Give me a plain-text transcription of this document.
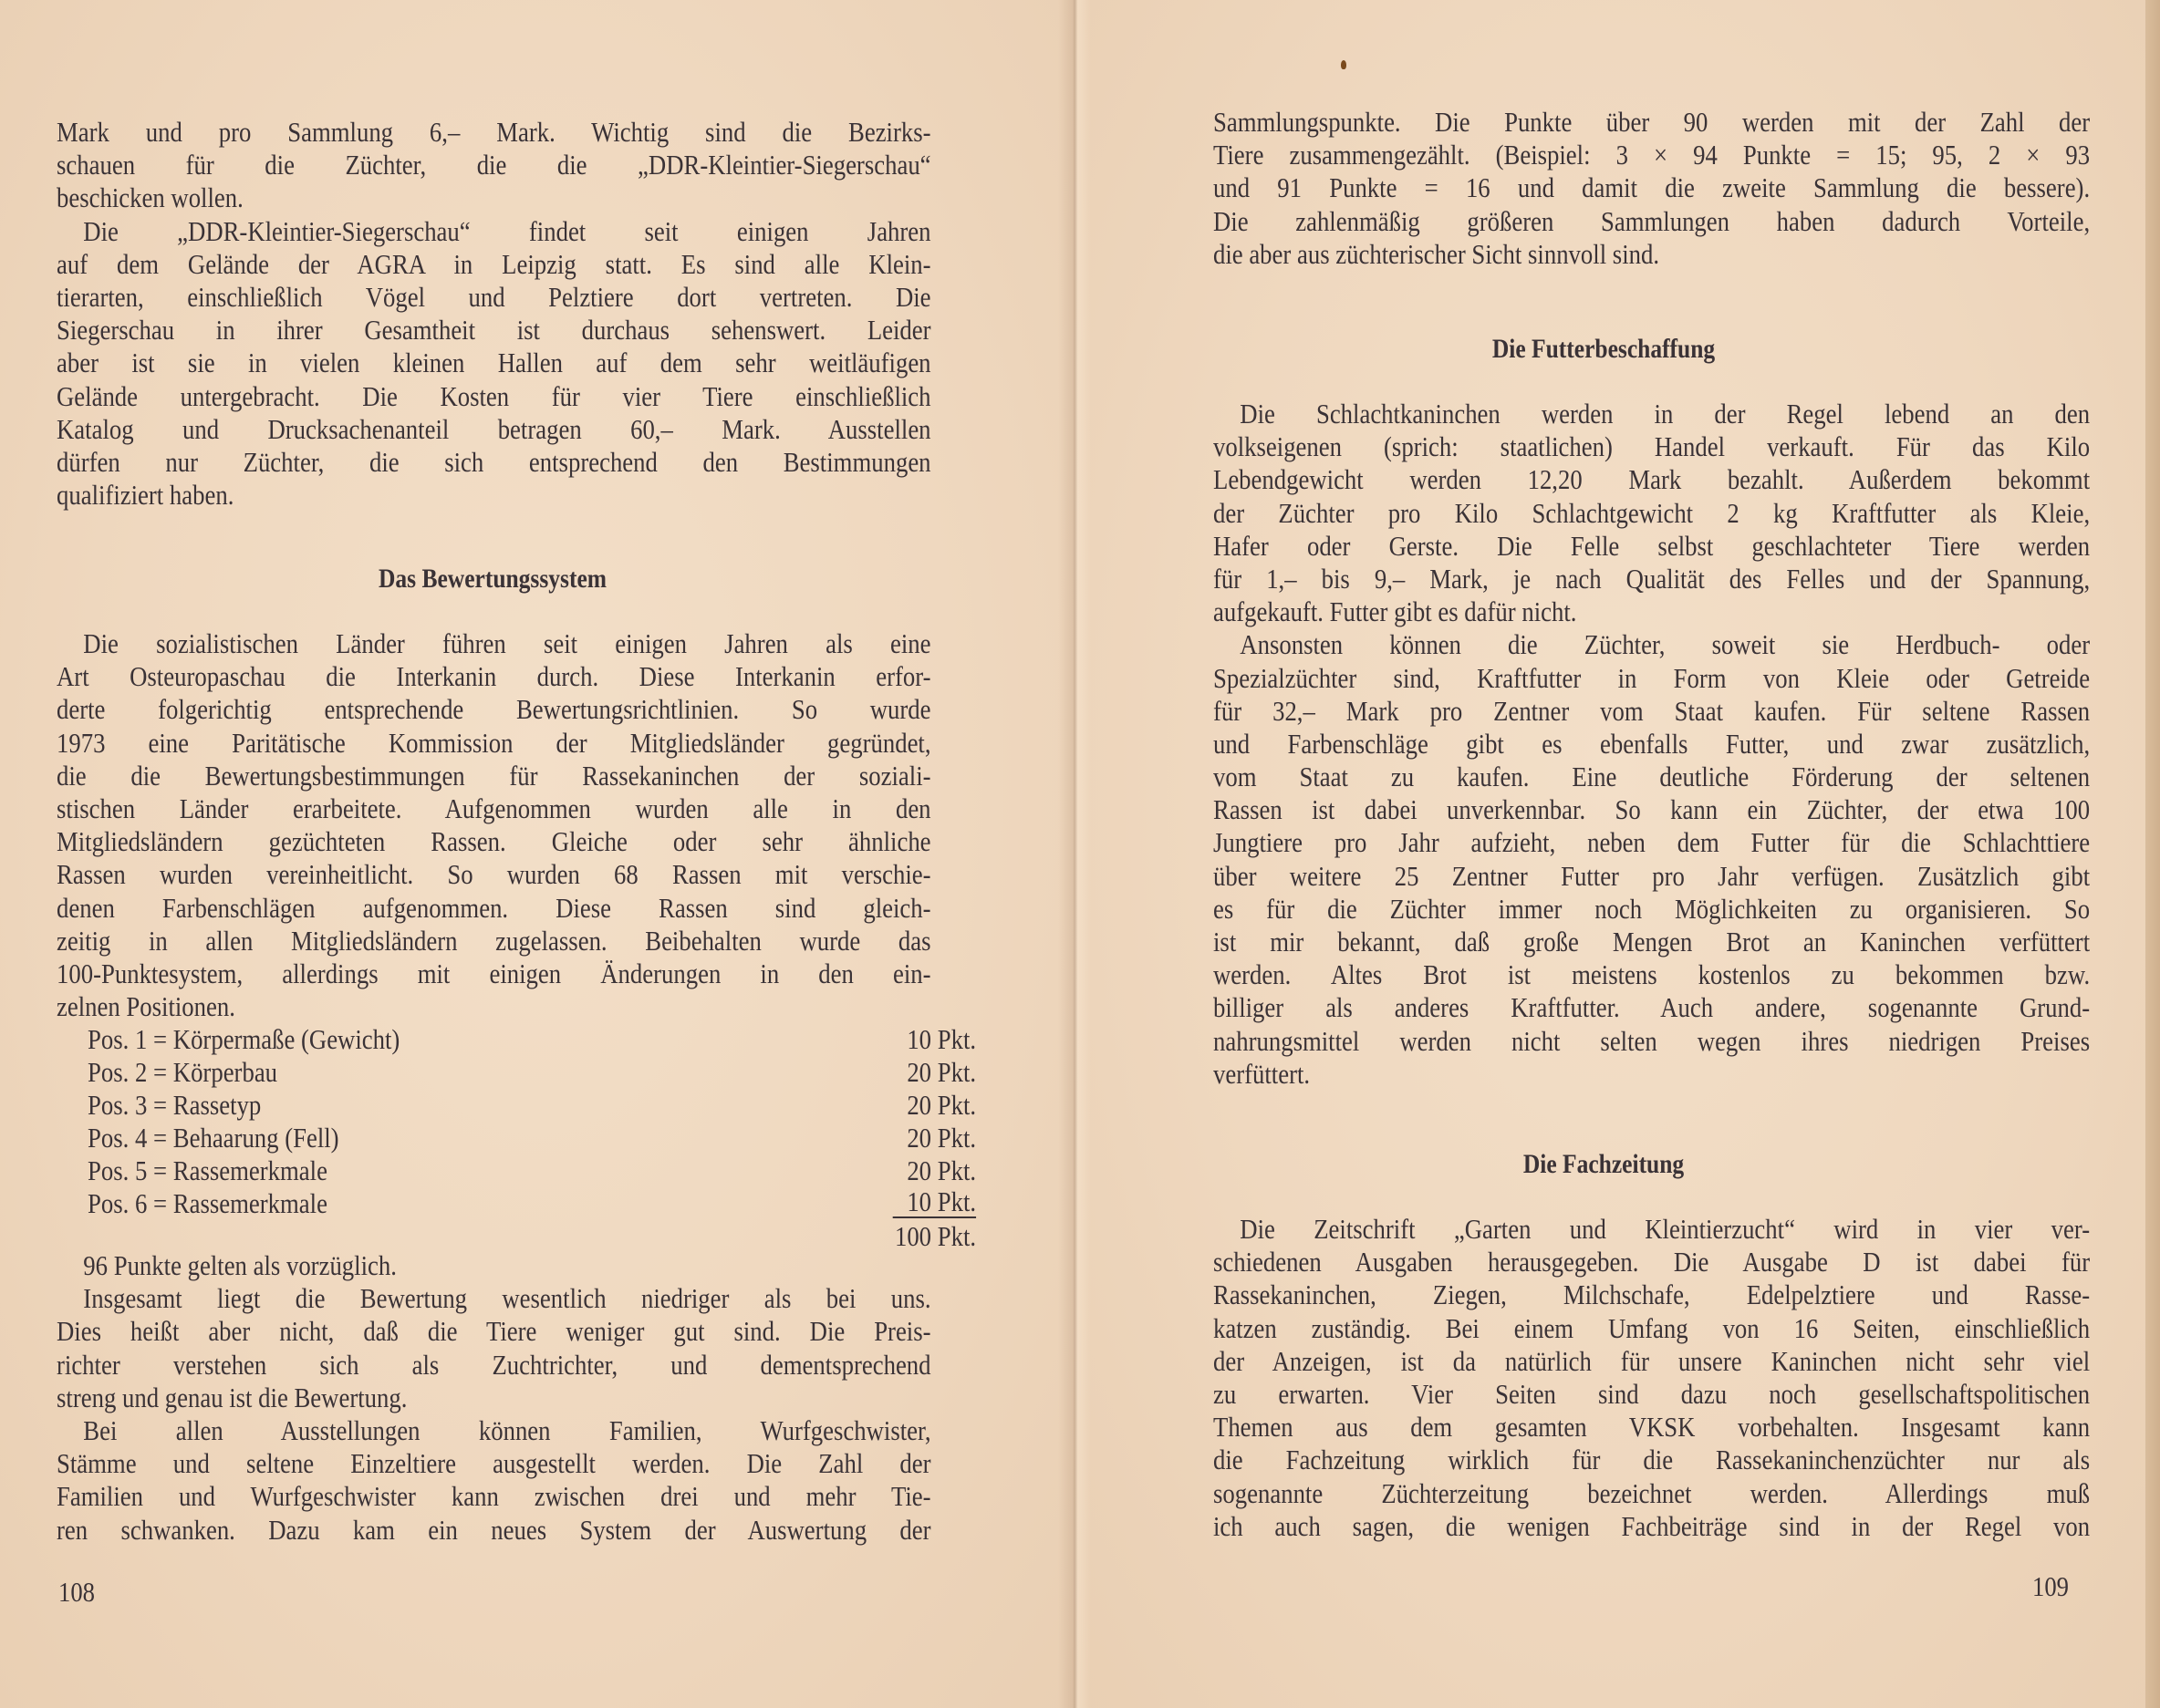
Mark und pro Sammlung 6,– Mark. Wichtig sind die Bezirks-
schauen für die Züchter, die die „DDR-Kleintier-Siegerschau“
beschicken wollen.
Die „DDR-Kleintier-Siegerschau“ findet seit einigen Jahren
auf dem Gelände der AGRA in Leipzig statt. Es sind alle Klein-
tierarten, einschließlich Vögel und Pelztiere dort vertreten. Die
Siegerschau in ihrer Gesamtheit ist durchaus sehenswert. Leider
aber ist sie in vielen kleinen Hallen auf dem sehr weitläufigen
Gelände untergebracht. Die Kosten für vier Tiere einschließlich
Katalog und Drucksachenanteil betragen 60,– Mark. Ausstellen
dürfen nur Züchter, die sich entsprechend den Bestimmungen
qualifiziert haben.
Das Bewertungssystem
Die sozialistischen Länder führen seit einigen Jahren als eine
Art Osteuropaschau die Interkanin durch. Diese Interkanin erfor-
derte folgerichtig entsprechende Bewertungsrichtlinien. So wurde
1973 eine Paritätische Kommission der Mitgliedsländer gegründet,
die die Bewertungsbestimmungen für Rassekaninchen der soziali-
stischen Länder erarbeitete. Aufgenommen wurden alle in den
Mitgliedsländern gezüchteten Rassen. Gleiche oder sehr ähnliche
Rassen wurden vereinheitlicht. So wurden 68 Rassen mit verschie-
denen Farbenschlägen aufgenommen. Diese Rassen sind gleich-
zeitig in allen Mitgliedsländern zugelassen. Beibehalten wurde das
100-Punktesystem, allerdings mit einigen Änderungen in den ein-
zelnen Positionen.
Pos. 1 = Körpermaße (Gewicht)	10 Pkt.
Pos. 2 = Körperbau	20 Pkt.
Pos. 3 = Rassetyp	20 Pkt.
Pos. 4 = Behaarung (Fell)	20 Pkt.
Pos. 5 = Rassemerkmale	20 Pkt.
Pos. 6 = Rassemerkmale	10 Pkt.
100 Pkt.
96 Punkte gelten als vorzüglich.
Insgesamt liegt die Bewertung wesentlich niedriger als bei uns.
Dies heißt aber nicht, daß die Tiere weniger gut sind. Die Preis-
richter verstehen sich als Zuchtrichter, und dementsprechend
streng und genau ist die Bewertung.
Bei allen Ausstellungen können Familien, Wurfgeschwister,
Stämme und seltene Einzeltiere ausgestellt werden. Die Zahl der
Familien und Wurfgeschwister kann zwischen drei und mehr Tie-
ren schwanken. Dazu kam ein neues System der Auswertung der
108	109
Sammlungspunkte. Die Punkte über 90 werden mit der Zahl der
Tiere zusammengezählt. (Beispiel: 3 × 94 Punkte = 15; 95, 2 × 93
und 91 Punkte = 16 und damit die zweite Sammlung die bessere).
Die zahlenmäßig größeren Sammlungen haben dadurch Vorteile,
die aber aus züchterischer Sicht sinnvoll sind.
Die Futterbeschaffung
Die Schlachtkaninchen werden in der Regel lebend an den
volkseigenen (sprich: staatlichen) Handel verkauft. Für das Kilo
Lebendgewicht werden 12,20 Mark bezahlt. Außerdem bekommt
der Züchter pro Kilo Schlachtgewicht 2 kg Kraftfutter als Kleie,
Hafer oder Gerste. Die Felle selbst geschlachteter Tiere werden
für 1,– bis 9,– Mark, je nach Qualität des Felles und der Spannung,
aufgekauft. Futter gibt es dafür nicht.
Ansonsten können die Züchter, soweit sie Herdbuch- oder
Spezialzüchter sind, Kraftfutter in Form von Kleie oder Getreide
für 32,– Mark pro Zentner vom Staat kaufen. Für seltene Rassen
und Farbenschläge gibt es ebenfalls Futter, und zwar zusätzlich,
vom Staat zu kaufen. Eine deutliche Förderung der seltenen
Rassen ist dabei unverkennbar. So kann ein Züchter, der etwa 100
Jungtiere pro Jahr aufzieht, neben dem Futter für die Schlachttiere
über weitere 25 Zentner Futter pro Jahr verfügen. Zusätzlich gibt
es für die Züchter immer noch Möglichkeiten zu organisieren. So
ist mir bekannt, daß große Mengen Brot an Kaninchen verfüttert
werden. Altes Brot ist meistens kostenlos zu bekommen bzw.
billiger als anderes Kraftfutter. Auch andere, sogenannte Grund-
nahrungsmittel werden nicht selten wegen ihres niedrigen Preises
verfüttert.
Die Fachzeitung
Die Zeitschrift „Garten und Kleintierzucht“ wird in vier ver-
schiedenen Ausgaben herausgegeben. Die Ausgabe D ist dabei für
Rassekaninchen, Ziegen, Milchschafe, Edelpelztiere und Rasse-
katzen zuständig. Bei einem Umfang von 16 Seiten, einschließlich
der Anzeigen, ist da natürlich für unsere Kaninchen nicht sehr viel
zu erwarten. Vier Seiten sind dazu noch gesellschaftspolitischen
Themen aus dem gesamten VKSK vorbehalten. Insgesamt kann
die Fachzeitung wirklich für die Rassekaninchenzüchter nur als
sogenannte Züchterzeitung bezeichnet werden. Allerdings muß
ich auch sagen, die wenigen Fachbeiträge sind in der Regel von
